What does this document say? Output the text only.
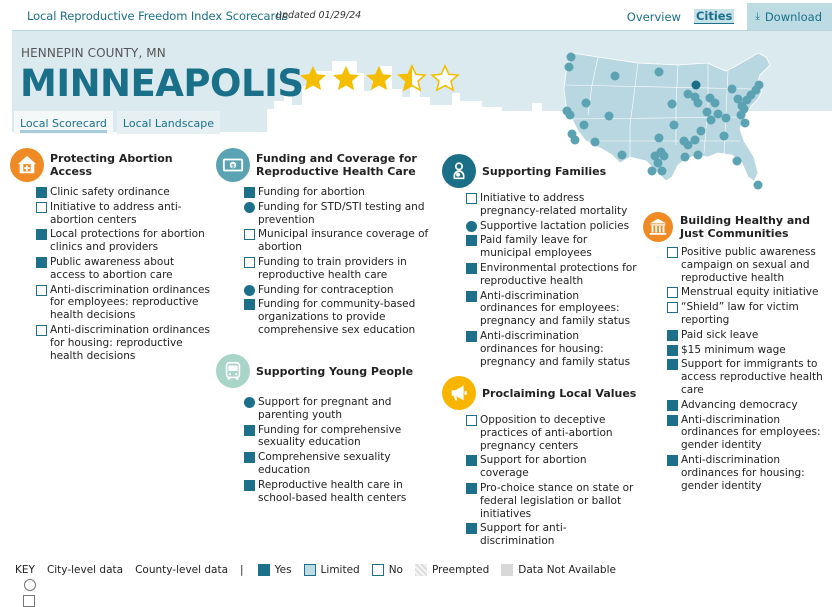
Local Reproductive Freedom Index Scorecards
updated 01/29/24	Overview	Cities ⤓ Download
HENNEPIN COUNTY, MN
MINNEAPOLIS
Local Scorecard	Local Landscape
Protecting Abortion Access
Clinic safety ordinance
Initiative to address anti-abortion centers
Local protections for abortion clinics and providers
Public awareness about access to abortion care
Anti-discrimination ordinances for employees: reproductive health decisions
Anti-discrimination ordinances for housing: reproductive health decisions
$
Funding and Coverage for Reproductive Health Care
Funding for abortion
Funding for STD/STI testing and prevention
Municipal insurance coverage of abortion
Funding to train providers in reproductive health care
Funding for contraception
Funding for community-based organizations to provide comprehensive sex education
Supporting Young People
Support for pregnant and parenting youth
Funding for comprehensive sexuality education
Comprehensive sexuality education
Reproductive health care in school-based health centers
Supporting Families
Initiative to address pregnancy-related mortality
Supportive lactation policies
Paid family leave for municipal employees
Environmental protections for reproductive health
Anti-discrimination ordinances for employees: pregnancy and family status
Anti-discrimination ordinances for housing: pregnancy and family status
Proclaiming Local Values
Opposition to deceptive practices of anti-abortion pregnancy centers
Support for abortion coverage
Pro-choice stance on state or federal legislation or ballot initiatives
Support for anti-discrimination
Building Healthy and Just Communities
Positive public awareness campaign on sexual and reproductive health
Menstrual equity initiative
“Shield” law for victim reporting
Paid sick leave
$15 minimum wage
Support for immigrants to access reproductive health care
Advancing democracy
Anti-discrimination ordinances for employees: gender identity
Anti-discrimination ordinances for housing: gender identity
KEY City-level data County-level data |	Yes	Limited	No	Preempted	Data Not Available
